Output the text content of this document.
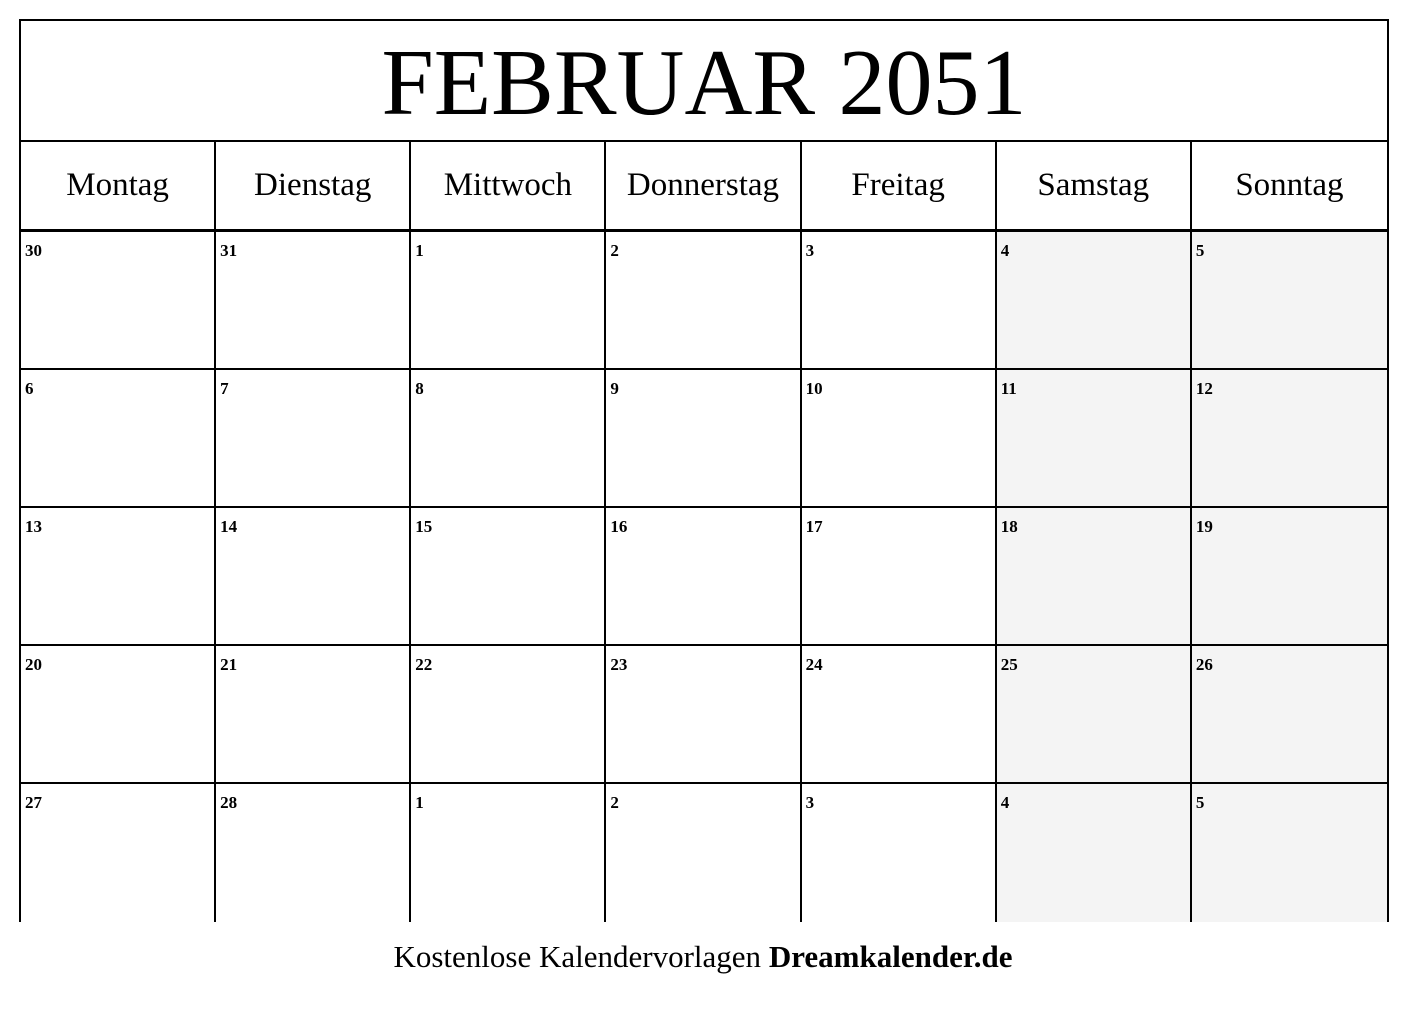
FEBRUAR 2051
Montag	Dienstag	Mittwoch	Donnerstag	Freitag	Samstag	Sonntag
30	31	1	2	3	4	5
6	7	8	9	10	11	12
13	14	15	16	17	18	19
20	21	22	23	24	25	26
27	28	1	2	3	4	5
Kostenlose Kalendervorlagen Dreamkalender.de
